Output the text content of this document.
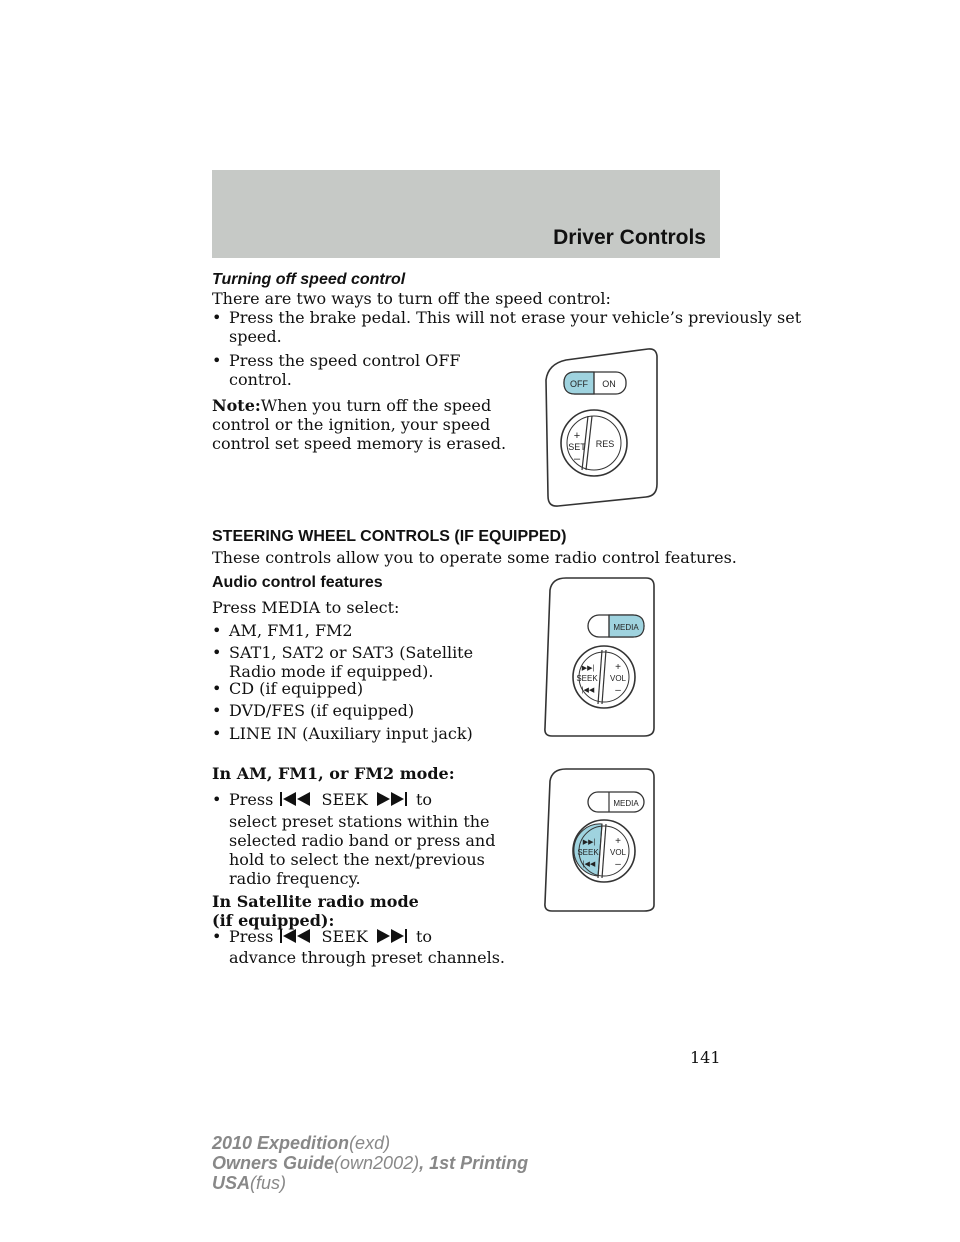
Driver Controls
Turning off speed control
There are two ways to turn off the speed control:
• Press the brake pedal. This will not erase your vehicle’s previously set
speed.
• Press the speed control OFF
control.
Note:When you turn off the speed
control or the ignition, your speed
control set speed memory is erased.
OFF ON
+
SET
–
RES
STEERING WHEEL CONTROLS (IF EQUIPPED)
These controls allow you to operate some radio control features.
Audio control features
Press MEDIA to select:
• AM, FM1, FM2
• SAT1, SAT2 or SAT3 (Satellite
Radio mode if equipped).
• CD (if equipped)
• DVD/FES (if equipped)
• LINE IN (Auxiliary input jack)
MEDIA
▶▶|
SEEK
|◀◀
+
VOL
–
In AM, FM1, or FM2 mode:
• Press	SEEK	to
select preset stations within the
selected radio band or press and
hold to select the next/previous
radio frequency.
In Satellite radio mode
(if equipped):
• Press	SEEK	to
advance through preset channels.
MEDIA
▶▶|
SEEK
|◀◀
+
VOL
–
141
2010 Expedition(exd)
Owners Guide(own2002), 1st Printing
USA(fus)
